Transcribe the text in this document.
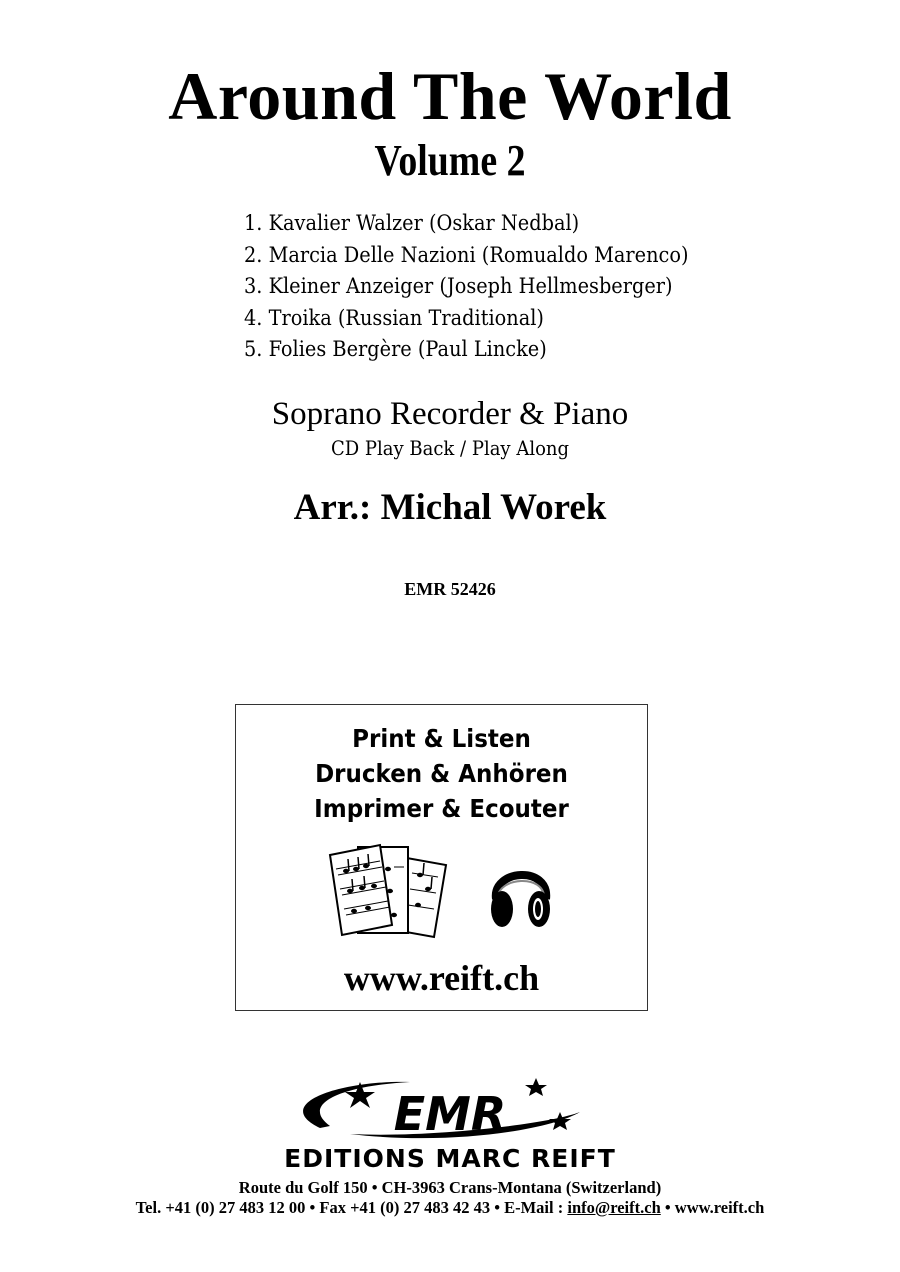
Around The World
Volume 2
1. Kavalier Walzer (Oskar Nedbal)
2. Marcia Delle Nazioni (Romualdo Marenco)
3. Kleiner Anzeiger (Joseph Hellmesberger)
4. Troika (Russian Traditional)
5. Folies Bergère (Paul Lincke)
Soprano Recorder & Piano
CD Play Back / Play Along
Arr.: Michal Worek
EMR 52426
Print & Listen
Drucken & Anhören
Imprimer & Ecouter
www.reift.ch
EMR
EDITIONS MARC REIFT
Route du Golf 150 • CH-3963 Crans-Montana (Switzerland)
Tel. +41 (0) 27 483 12 00 • Fax +41 (0) 27 483 42 43 • E-Mail : info@reift.ch • www.reift.ch
